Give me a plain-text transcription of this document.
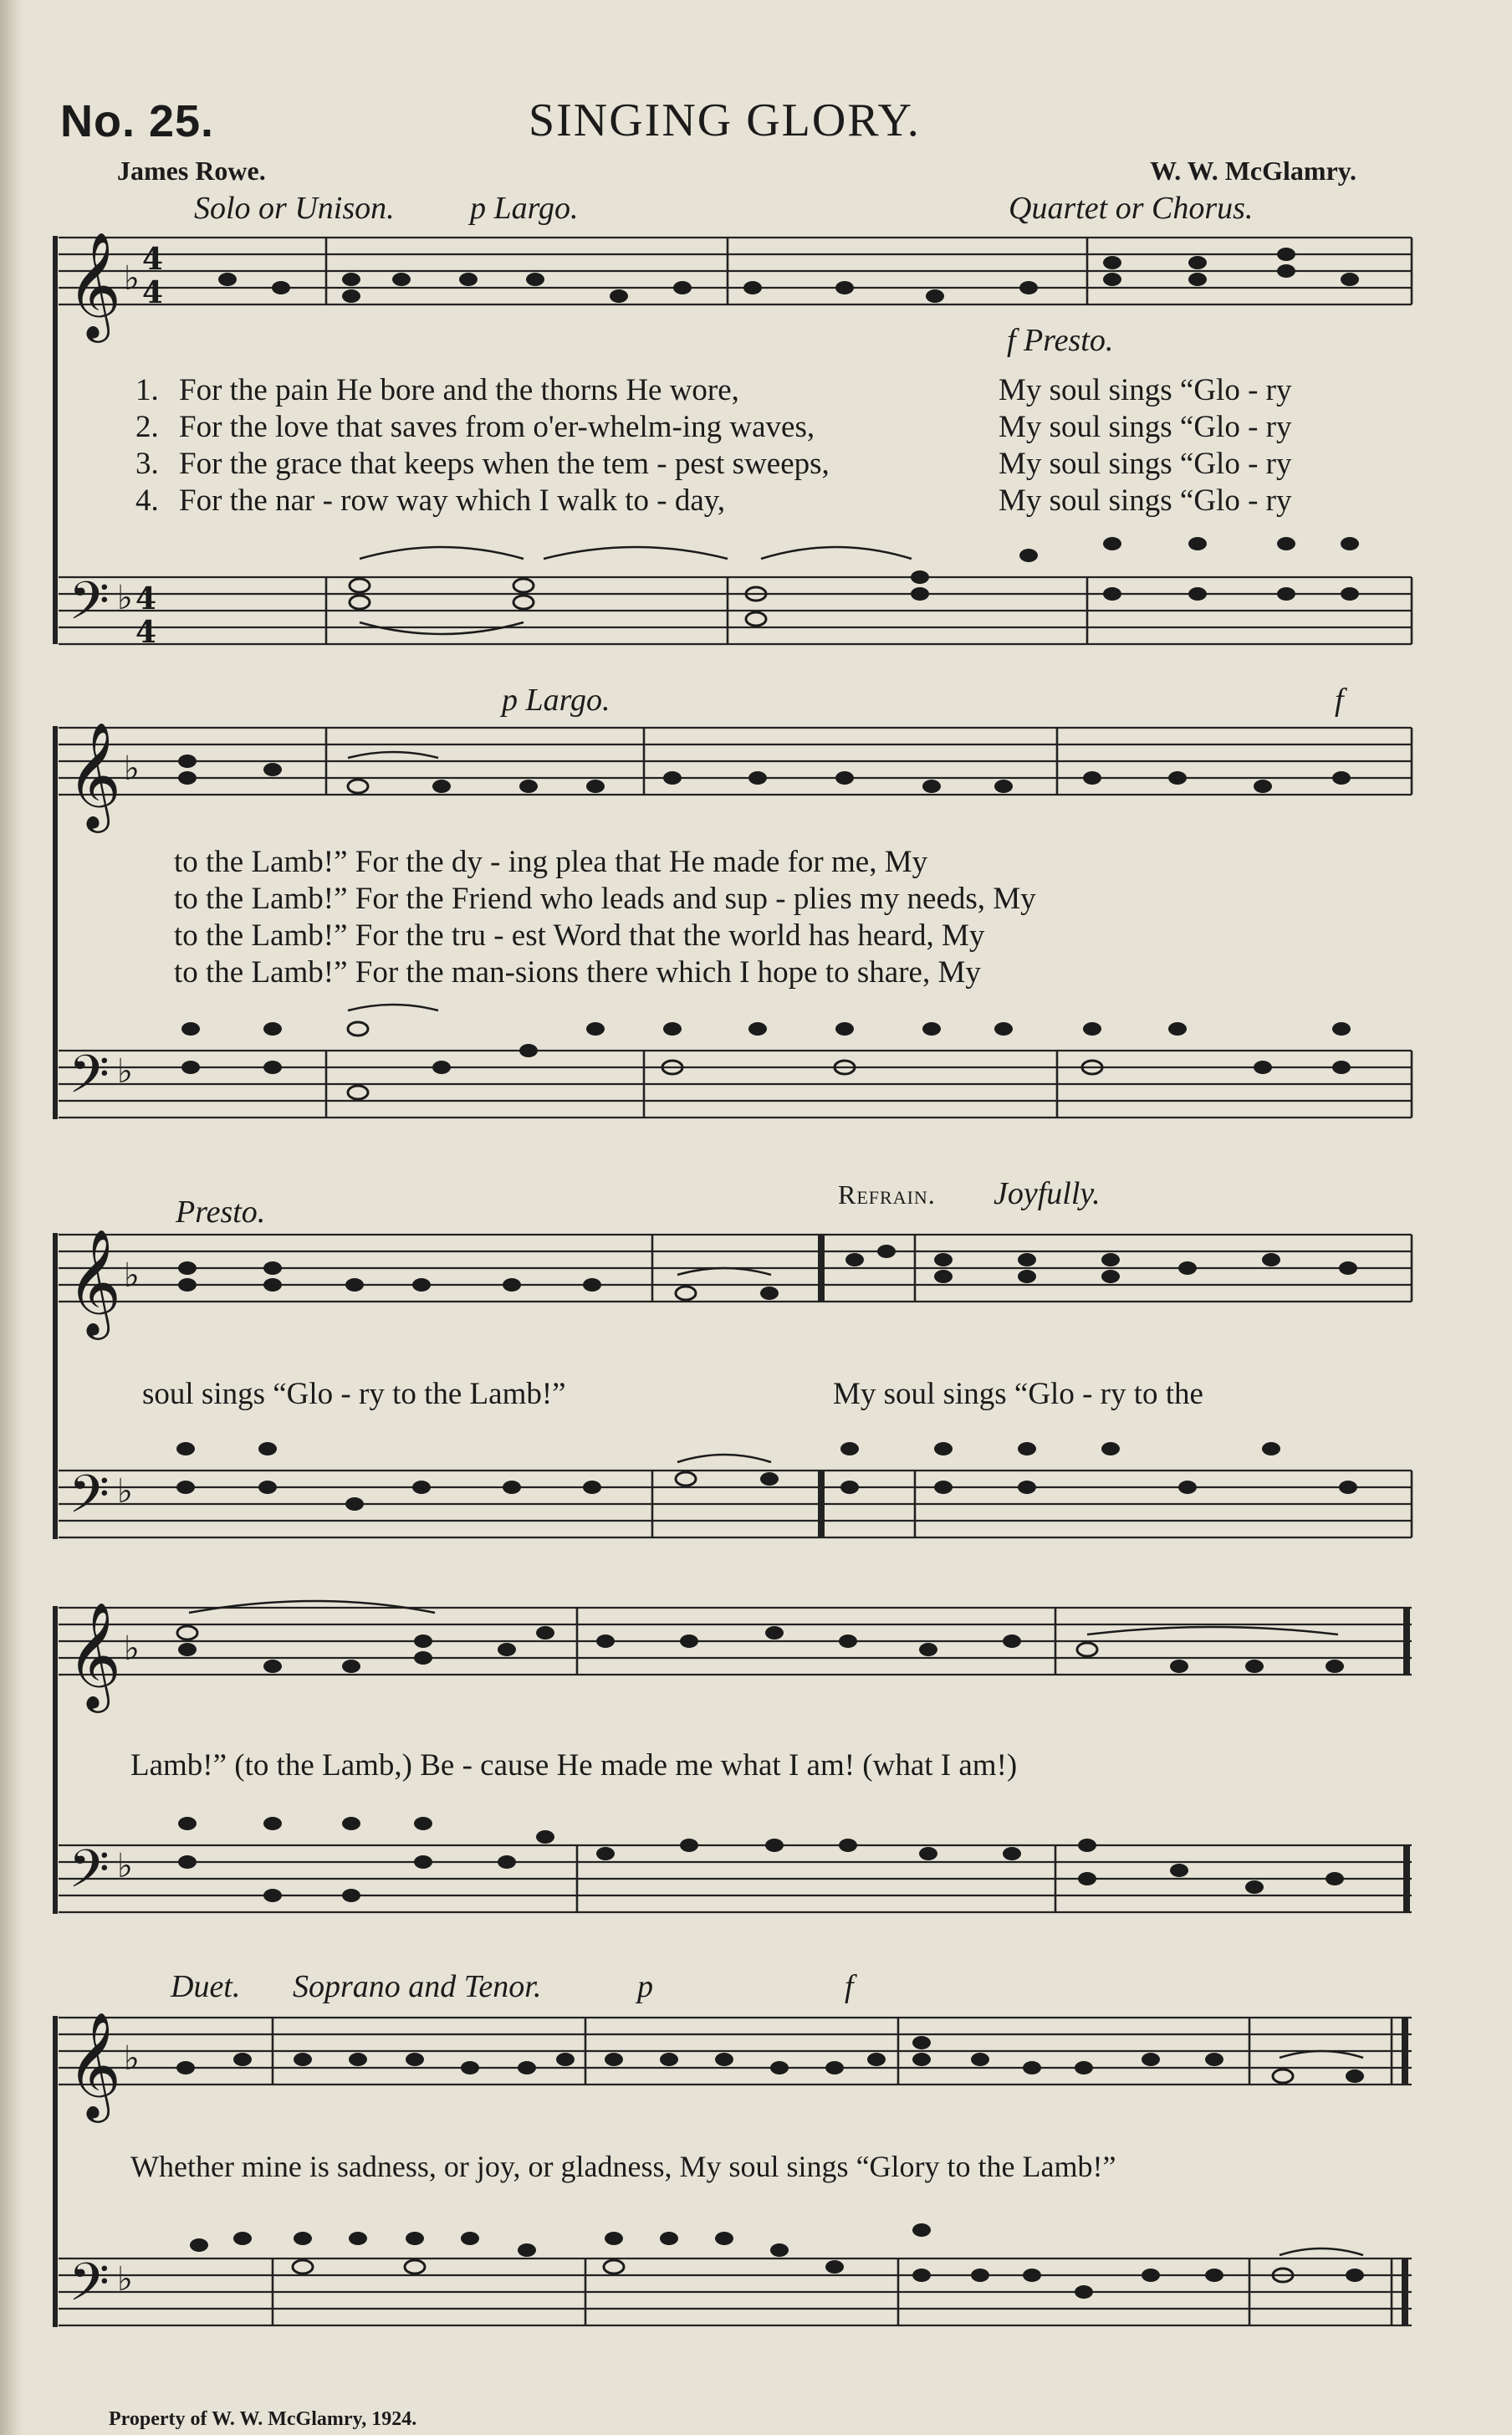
No. 25.	SINGING GLORY.
James Rowe.	W. W. McGlamry.
Solo or Unison. p Largo.	Quartet or Chorus.
f Presto.
1. For the pain He bore and the thorns He wore,	My soul sings “Glo - ry
2. For the love that saves from o'er-whelm-ing waves,	My soul sings “Glo - ry
3. For the grace that keeps when the tem - pest sweeps,	My soul sings “Glo - ry
4. For the nar - row way which I walk to - day,	My soul sings “Glo - ry
p Largo.	f
to the Lamb!” For the dy - ing plea that He made for me, My
to the Lamb!” For the Friend who leads and sup - plies my needs, My
to the Lamb!” For the tru - est Word that the world has heard, My
to the Lamb!” For the man-sions there which I hope to share, My
Presto.	Refrain. Joyfully.
soul sings “Glo - ry to the Lamb!”	My soul sings “Glo - ry to the
Lamb!” (to the Lamb,) Be - cause He made me what I am! (what I am!)
Duet. Soprano and Tenor.	p	f
Whether mine is sadness, or joy, or gladness, My soul sings “Glory to the Lamb!”
Property of W. W. McGlamry, 1924.
𝄞
𝄢
♭
♭
4
4
4
4
𝄞
𝄢
♭
♭
𝄞
𝄢
♭
♭
𝄞
𝄢
♭
♭
𝄞
𝄢
♭
♭
